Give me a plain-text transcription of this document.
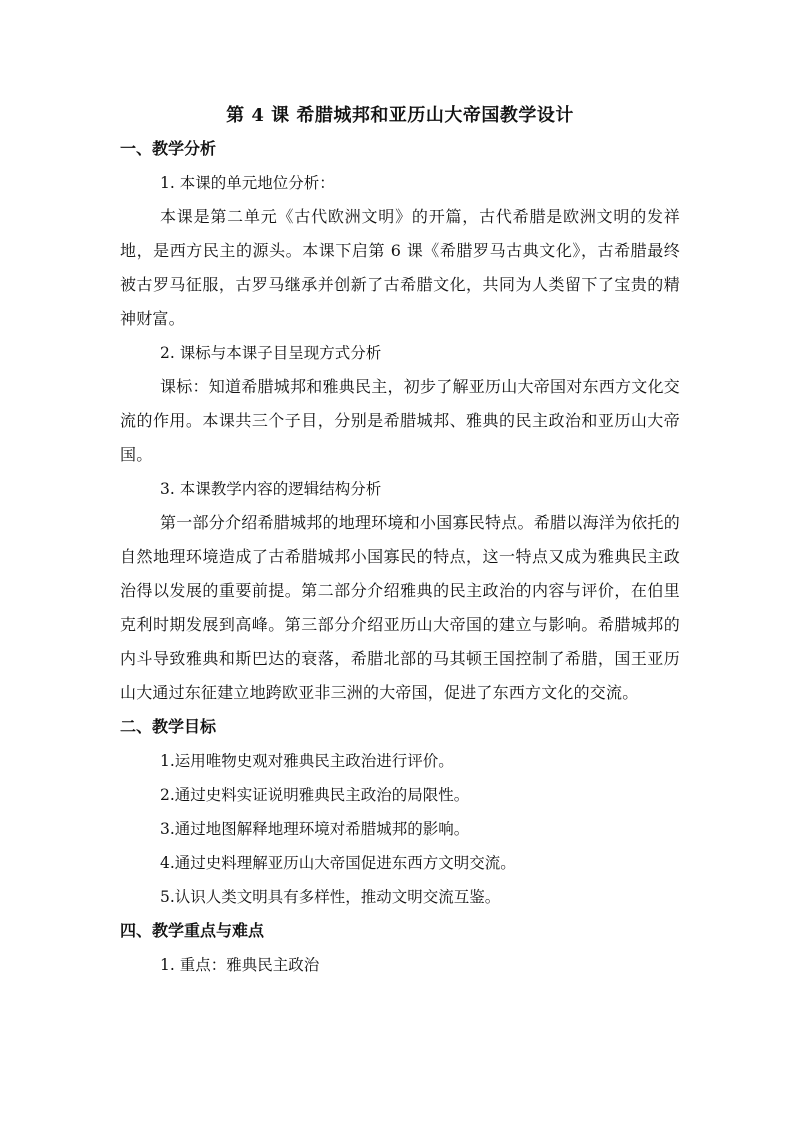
第 4 课 希腊城邦和亚历山大帝国教学设计

一、教学分析

1. 本课的单元地位分析：

本课是第二单元《古代欧洲文明》的开篇，古代希腊是欧洲文明的发祥地，是西方民主的源头。本课下启第 6 课《希腊罗马古典文化》，古希腊最终被古罗马征服，古罗马继承并创新了古希腊文化，共同为人类留下了宝贵的精神财富。

2. 课标与本课子目呈现方式分析

课标：知道希腊城邦和雅典民主，初步了解亚历山大帝国对东西方文化交流的作用。本课共三个子目，分别是希腊城邦、雅典的民主政治和亚历山大帝国。

3. 本课教学内容的逻辑结构分析

第一部分介绍希腊城邦的地理环境和小国寡民特点。希腊以海洋为依托的自然地理环境造成了古希腊城邦小国寡民的特点，这一特点又成为雅典民主政治得以发展的重要前提。第二部分介绍雅典的民主政治的内容与评价，在伯里克利时期发展到高峰。第三部分介绍亚历山大帝国的建立与影响。希腊城邦的内斗导致雅典和斯巴达的衰落，希腊北部的马其顿王国控制了希腊，国王亚历山大通过东征建立地跨欧亚非三洲的大帝国，促进了东西方文化的交流。

二、教学目标

1.运用唯物史观对雅典民主政治进行评价。

2.通过史料实证说明雅典民主政治的局限性。

3.通过地图解释地理环境对希腊城邦的影响。

4.通过史料理解亚历山大帝国促进东西方文明交流。

5.认识人类文明具有多样性，推动文明交流互鉴。

四、教学重点与难点

1. 重点：雅典民主政治
